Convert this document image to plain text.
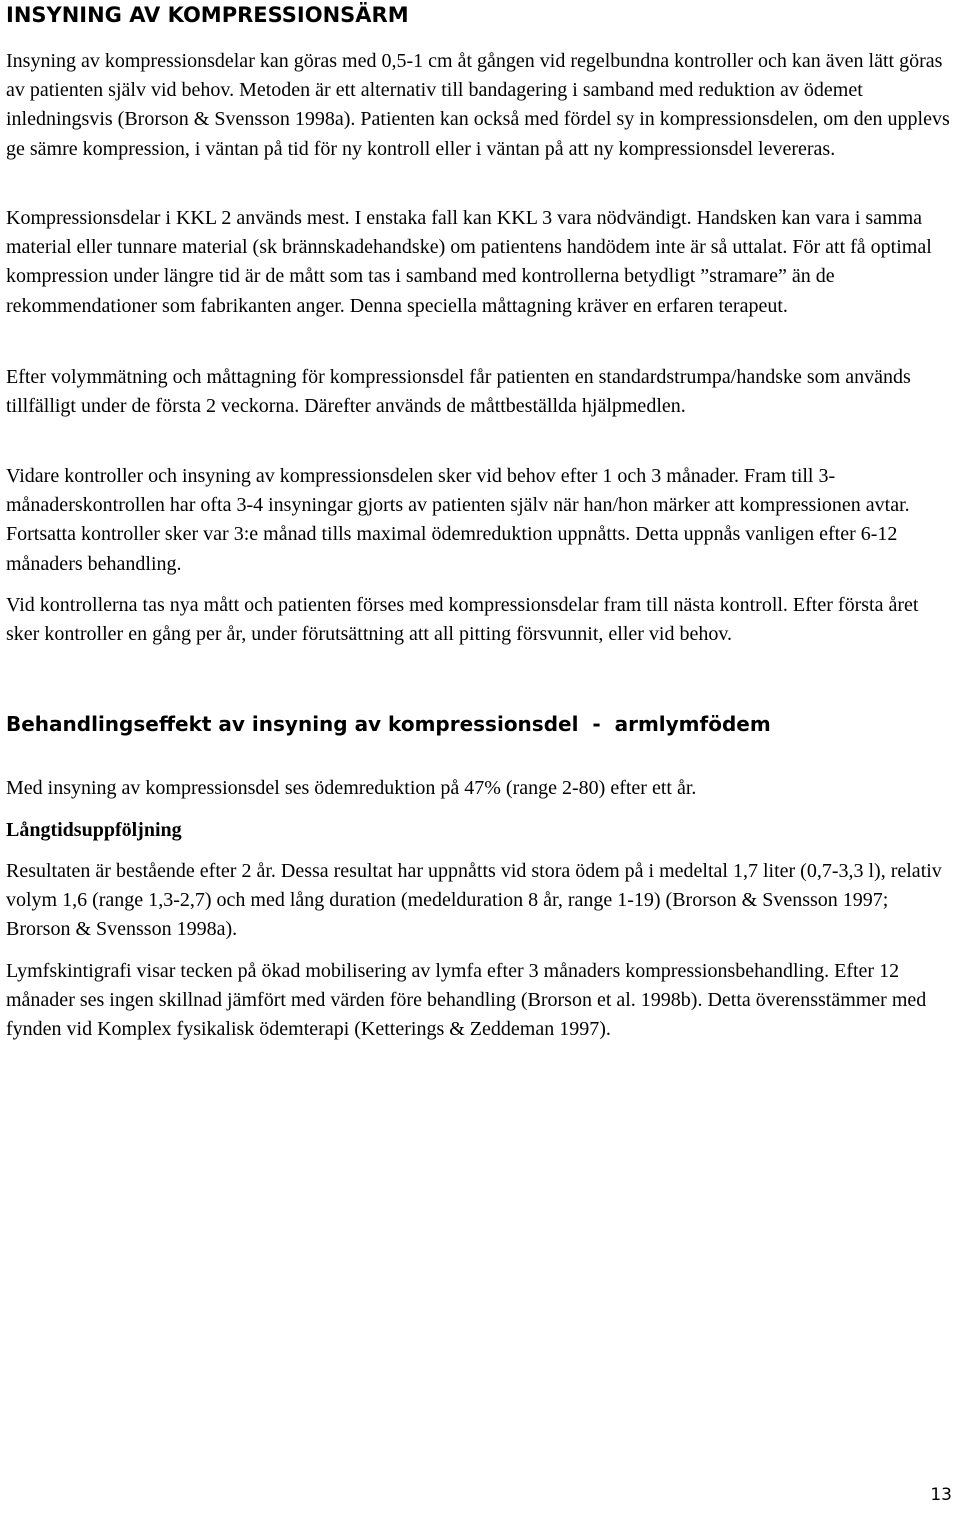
INSYNING AV KOMPRESSIONSÄRM

Insyning av kompressionsdelar kan göras med 0,5-1 cm åt gången vid regelbundna kontroller och kan även lätt göras av patienten själv vid behov. Metoden är ett alternativ till bandagering i samband med reduktion av ödemet inledningsvis (Brorson & Svensson 1998a). Patienten kan också med fördel sy in kompressionsdelen, om den upplevs ge sämre kompression, i väntan på tid för ny kontroll eller i väntan på att ny kompressionsdel levereras.

Kompressionsdelar i KKL 2 används mest. I enstaka fall kan KKL 3 vara nödvändigt. Handsken kan vara i samma material eller tunnare material (sk brännskadehandske) om patientens handödem inte är så uttalat. För att få optimal kompression under längre tid är de mått som tas i samband med kontrollerna betydligt ”stramare” än de rekommendationer som fabrikanten anger. Denna speciella måttagning kräver en erfaren terapeut.

Efter volymmätning och måttagning för kompressionsdel får patienten en standardstrumpa/handske som används tillfälligt under de första 2 veckorna. Därefter används de måttbeställda hjälpmedlen.

Vidare kontroller och insyning av kompressionsdelen sker vid behov efter 1 och 3 månader. Fram till 3-månaderskontrollen har ofta 3-4 insyningar gjorts av patienten själv när han/hon märker att kompressionen avtar. Fortsatta kontroller sker var 3:e månad tills maximal ödemreduktion uppnåtts. Detta uppnås vanligen efter 6-12 månaders behandling.

Vid kontrollerna tas nya mått och patienten förses med kompressionsdelar fram till nästa kontroll. Efter första året sker kontroller en gång per år, under förutsättning att all pitting försvunnit, eller vid behov.

Behandlingseffekt av insyning av kompressionsdel  -  armlymfödem

Med insyning av kompressionsdel ses ödemreduktion på 47% (range 2-80) efter ett år.

Långtidsuppföljning

Resultaten är bestående efter 2 år. Dessa resultat har uppnåtts vid stora ödem på i medeltal 1,7 liter (0,7-3,3 l), relativ volym 1,6 (range 1,3-2,7) och med lång duration (medelduration 8 år, range 1-19) (Brorson & Svensson 1997; Brorson & Svensson 1998a).

Lymfskintigrafi visar tecken på ökad mobilisering av lymfa efter 3 månaders kompressionsbehandling. Efter 12 månader ses ingen skillnad jämfört med värden före behandling (Brorson et al. 1998b). Detta överensstämmer med fynden vid Komplex fysikalisk ödemterapi (Ketterings & Zeddeman 1997).

13
